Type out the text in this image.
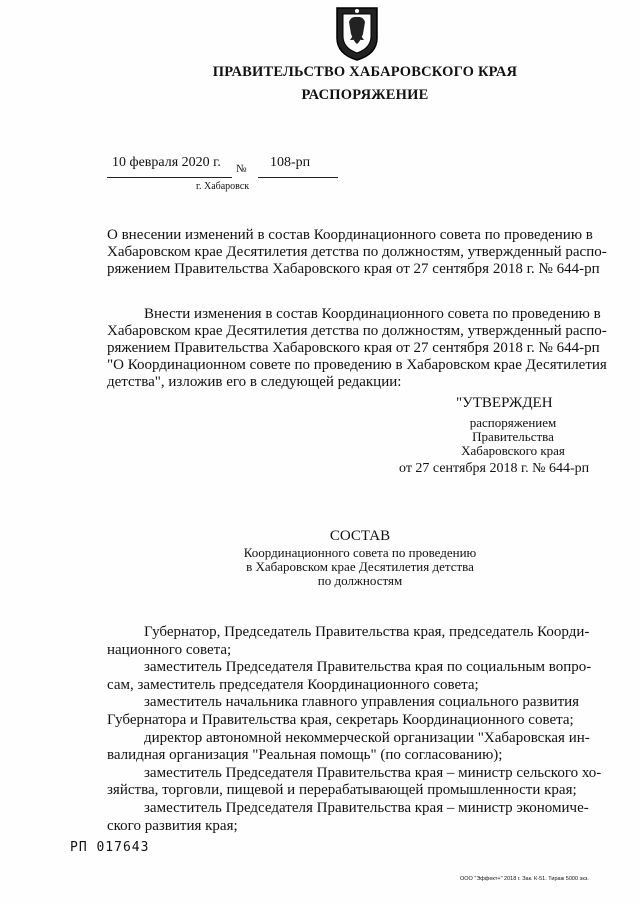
ПРАВИТЕЛЬСТВО ХАБАРОВСКОГО КРАЯ
РАСПОРЯЖЕНИЕ
10 февраля 2020 г. № 108-рп
г. Хабаровск
О внесении изменений в состав Координационного совета по проведению в
Хабаровском крае Десятилетия детства по должностям, утвержденный распо-
ряжением Правительства Хабаровского края от 27 сентября 2018 г. № 644-рп
Внести изменения в состав Координационного совета по проведению в
Хабаровском крае Десятилетия детства по должностям, утвержденный распо-
ряжением Правительства Хабаровского края от 27 сентября 2018 г. № 644-рп
"О Координационном совете по проведению в Хабаровском крае Десятилетия
детства", изложив его в следующей редакции:
"УТВЕРЖДЕН
распоряжением
Правительства
Хабаровского края
от 27 сентября 2018 г. № 644-рп
СОСТАВ
Координационного совета по проведению
в Хабаровском крае Десятилетия детства
по должностям
Губернатор, Председатель Правительства края, председатель Коорди-
национного совета;
заместитель Председателя Правительства края по социальным вопро-
сам, заместитель председателя Координационного совета;
заместитель начальника главного управления социального развития
Губернатора и Правительства края, секретарь Координационного совета;
директор автономной некоммерческой организации "Хабаровская ин-
валидная организация "Реальная помощь" (по согласованию);
заместитель Председателя Правительства края – министр сельского хо-
зяйства, торговли, пищевой и перерабатывающей промышленности края;
заместитель Председателя Правительства края – министр экономиче-
ского развития края;
РП 017643
ООО "Эффект+" 2018 г. Зак. К-51. Тираж 5000 экз.
